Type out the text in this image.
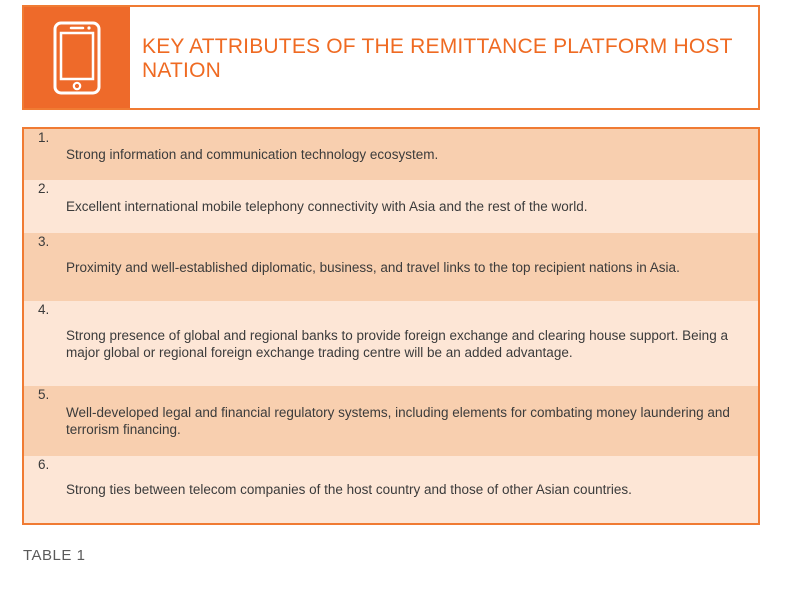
KEY ATTRIBUTES OF THE REMITTANCE PLATFORM HOST NATION
1.
Strong information and communication technology ecosystem.
2.
Excellent international mobile telephony connectivity with Asia and the rest of the world.
3.
Proximity and well-established diplomatic, business, and travel links to the top recipient nations in Asia.
4.
Strong presence of global and regional banks to provide foreign exchange and clearing house support. Being a major global or regional foreign exchange trading centre will be an added advantage.
5.
Well-developed legal and financial regulatory systems, including elements for combating money laundering and terrorism financing.
6.
Strong ties between telecom companies of the host country and those of other Asian countries.
TABLE 1
